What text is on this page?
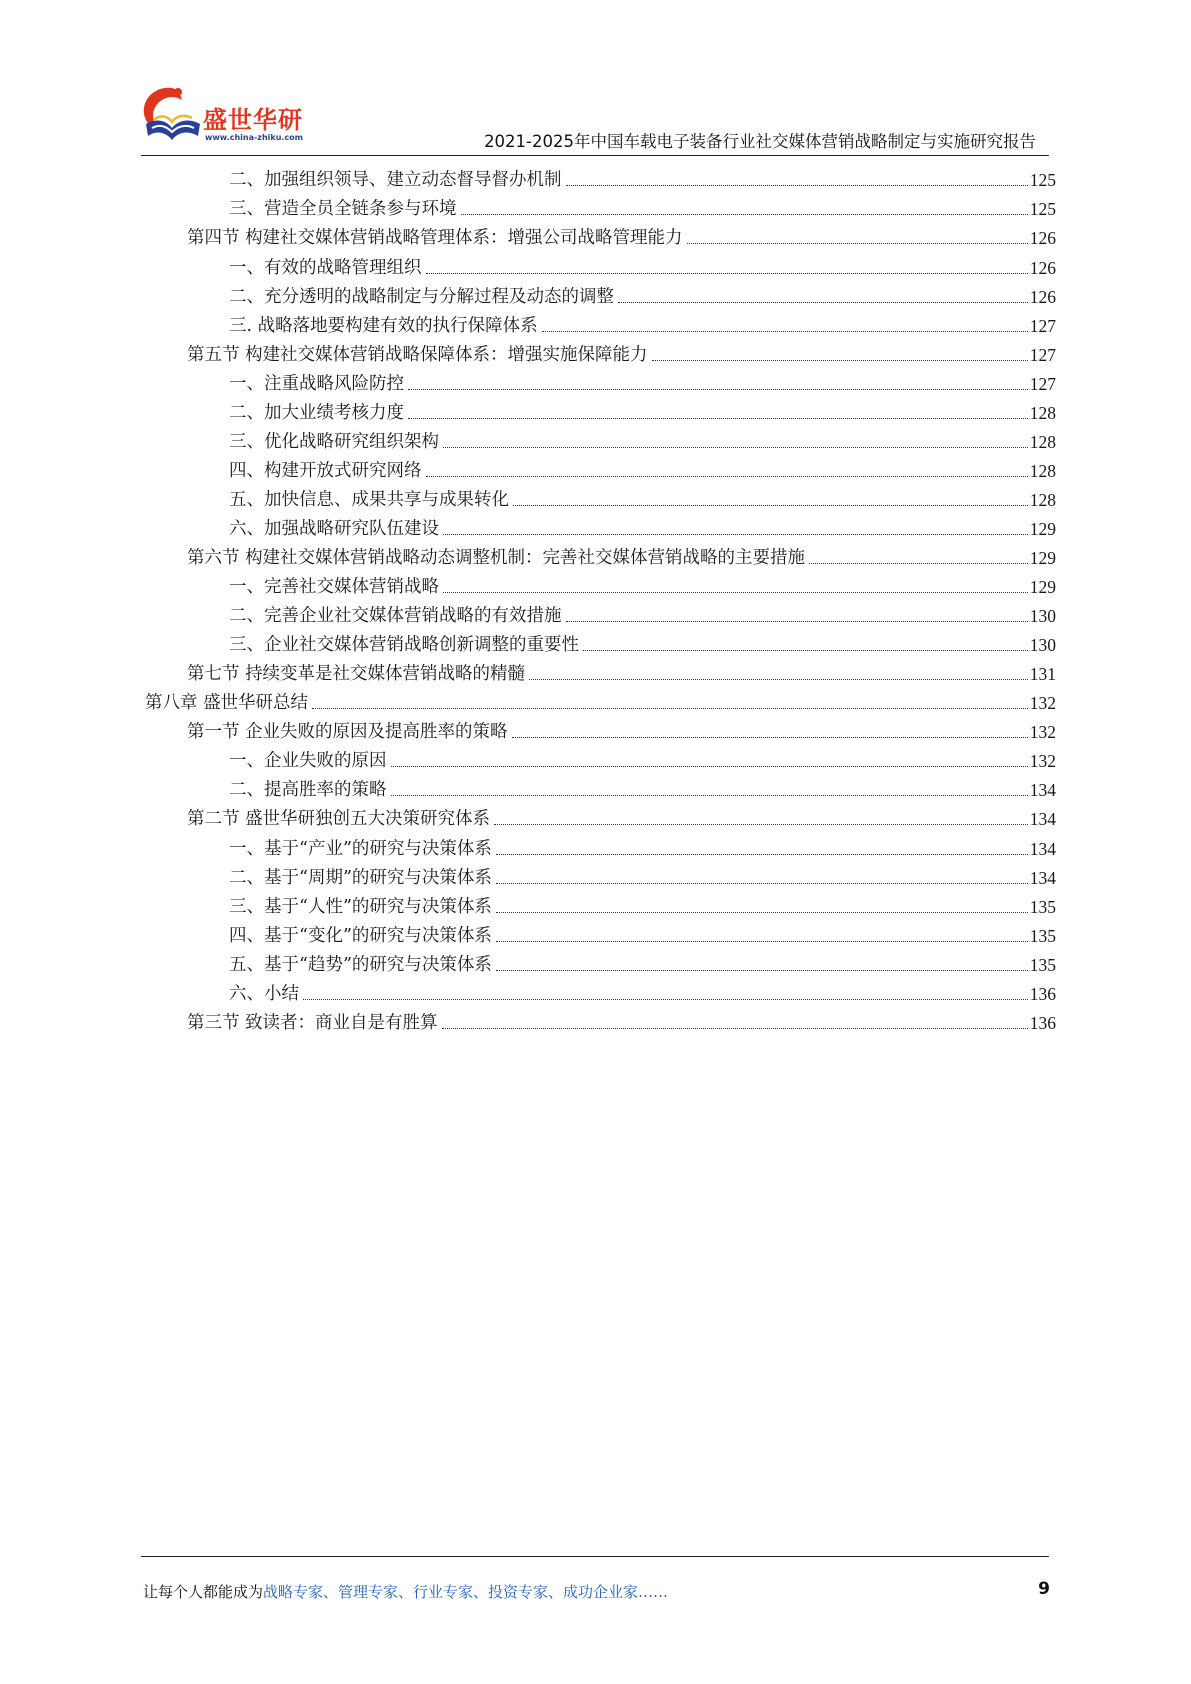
盛世华研
www.china-zhiku.com	2021-2025年中国车载电子装备行业社交媒体营销战略制定与实施研究报告
二、加强组织领导、建立动态督导督办机制	125
三、营造全员全链条参与环境	125
第四节 构建社交媒体营销战略管理体系：增强公司战略管理能力	126
一、有效的战略管理组织	126
二、充分透明的战略制定与分解过程及动态的调整	126
三. 战略落地要构建有效的执行保障体系	127
第五节 构建社交媒体营销战略保障体系：增强实施保障能力	127
一、注重战略风险防控	127
二、加大业绩考核力度	128
三、优化战略研究组织架构	128
四、构建开放式研究网络	128
五、加快信息、成果共享与成果转化	128
六、加强战略研究队伍建设	129
第六节 构建社交媒体营销战略动态调整机制：完善社交媒体营销战略的主要措施	129
一、完善社交媒体营销战略	129
二、完善企业社交媒体营销战略的有效措施	130
三、企业社交媒体营销战略创新调整的重要性	130
第七节 持续变革是社交媒体营销战略的精髓	131
第八章 盛世华研总结	132
第一节 企业失败的原因及提高胜率的策略	132
一、企业失败的原因	132
二、提高胜率的策略	134
第二节 盛世华研独创五大决策研究体系	134
一、基于“产业”的研究与决策体系	134
二、基于“周期”的研究与决策体系	134
三、基于“人性”的研究与决策体系	135
四、基于“变化”的研究与决策体系	135
五、基于“趋势”的研究与决策体系	135
六、小结	136
第三节 致读者：商业自是有胜算	136
让每个人都能成为战略专家、管理专家、行业专家、投资专家、成功企业家……	9
